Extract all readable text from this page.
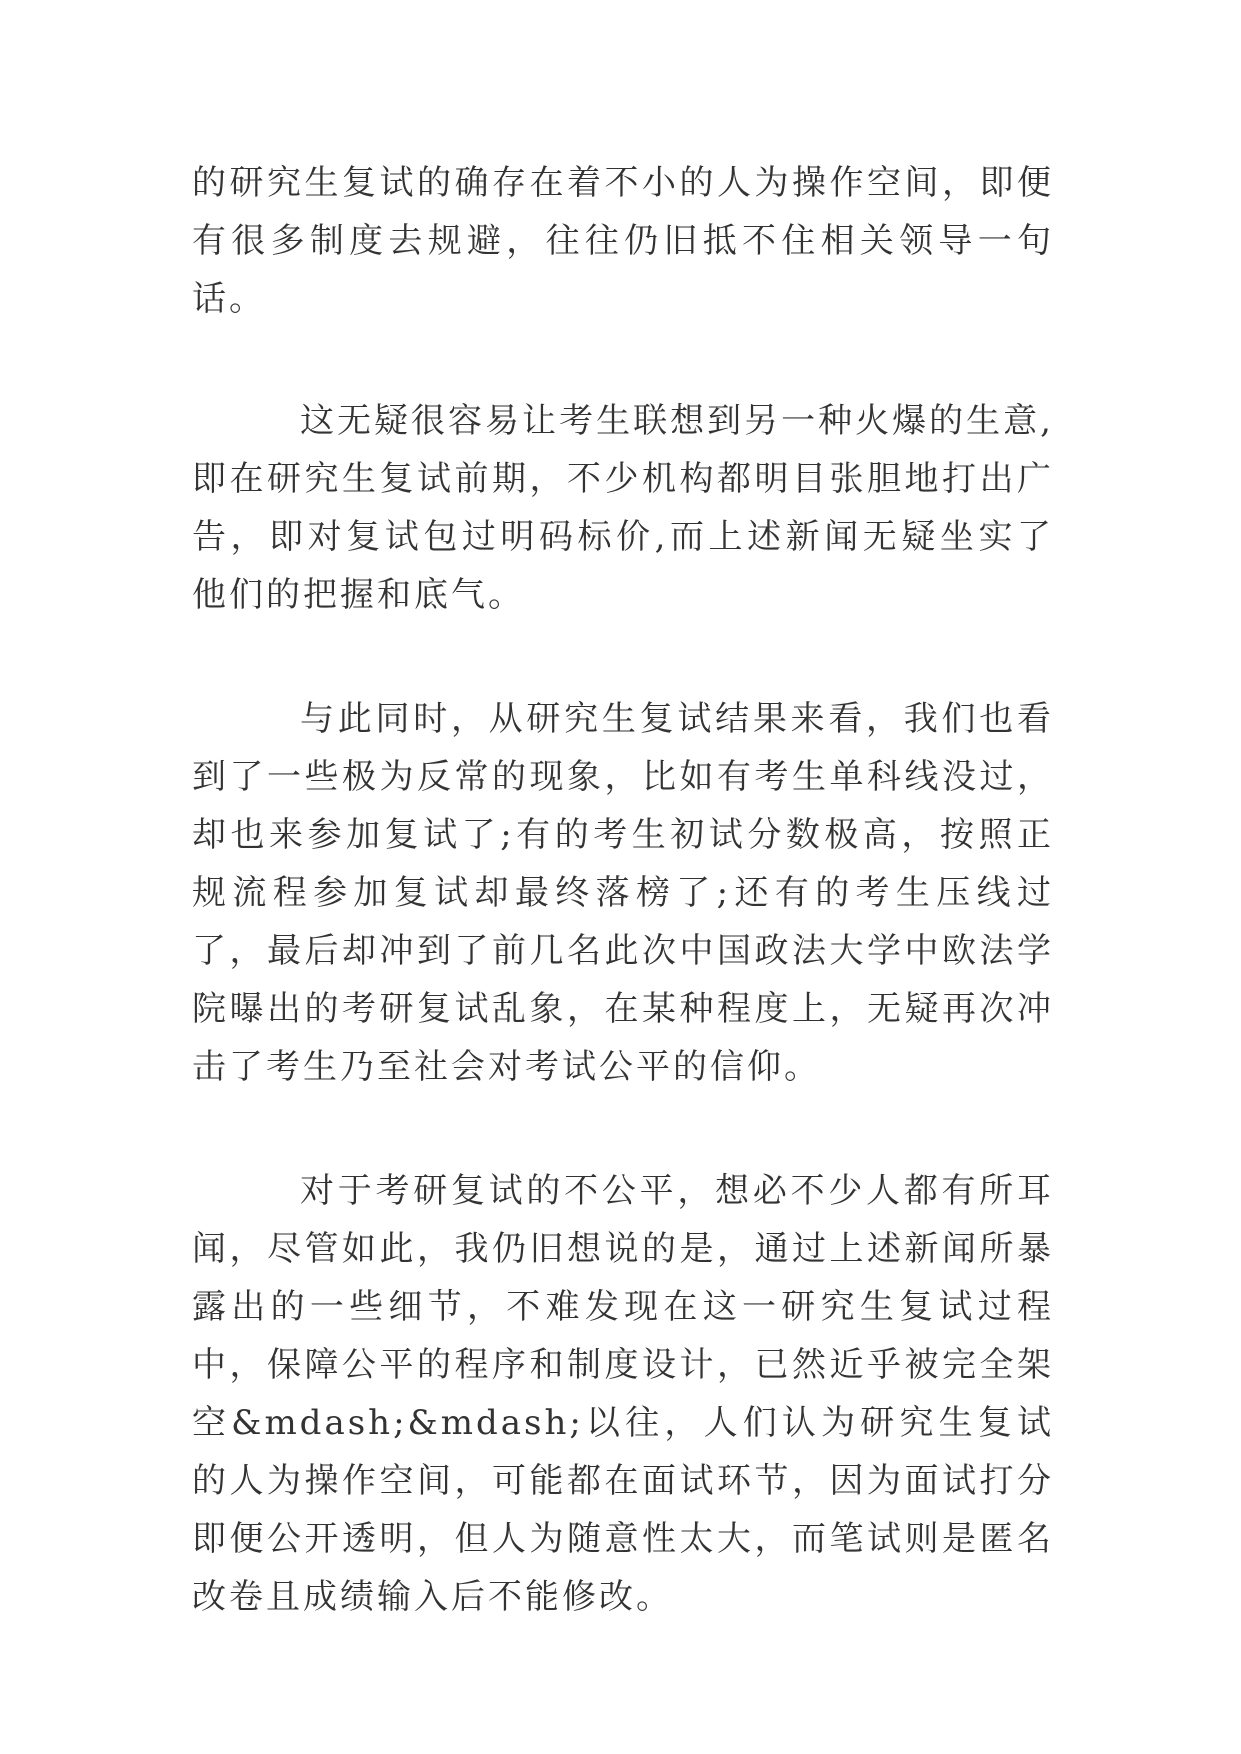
的研究生复试的确存在着不小的人为操作空间，即便有很多制度去规避，往往仍旧抵不住相关领导一句话。

这无疑很容易让考生联想到另一种火爆的生意,即在研究生复试前期，不少机构都明目张胆地打出广告，即对复试包过明码标价,而上述新闻无疑坐实了他们的把握和底气。

与此同时，从研究生复试结果来看，我们也看到了一些极为反常的现象，比如有考生单科线没过，却也来参加复试了;有的考生初试分数极高，按照正规流程参加复试却最终落榜了;还有的考生压线过了，最后却冲到了前几名此次中国政法大学中欧法学院曝出的考研复试乱象，在某种程度上，无疑再次冲击了考生乃至社会对考试公平的信仰。

对于考研复试的不公平，想必不少人都有所耳闻，尽管如此，我仍旧想说的是，通过上述新闻所暴露出的一些细节，不难发现在这一研究生复试过程中，保障公平的程序和制度设计，已然近乎被完全架空&mdash;&mdash;以往，人们认为研究生复试的人为操作空间，可能都在面试环节，因为面试打分即便公开透明，但人为随意性太大，而笔试则是匿名改卷且成绩输入后不能修改。
